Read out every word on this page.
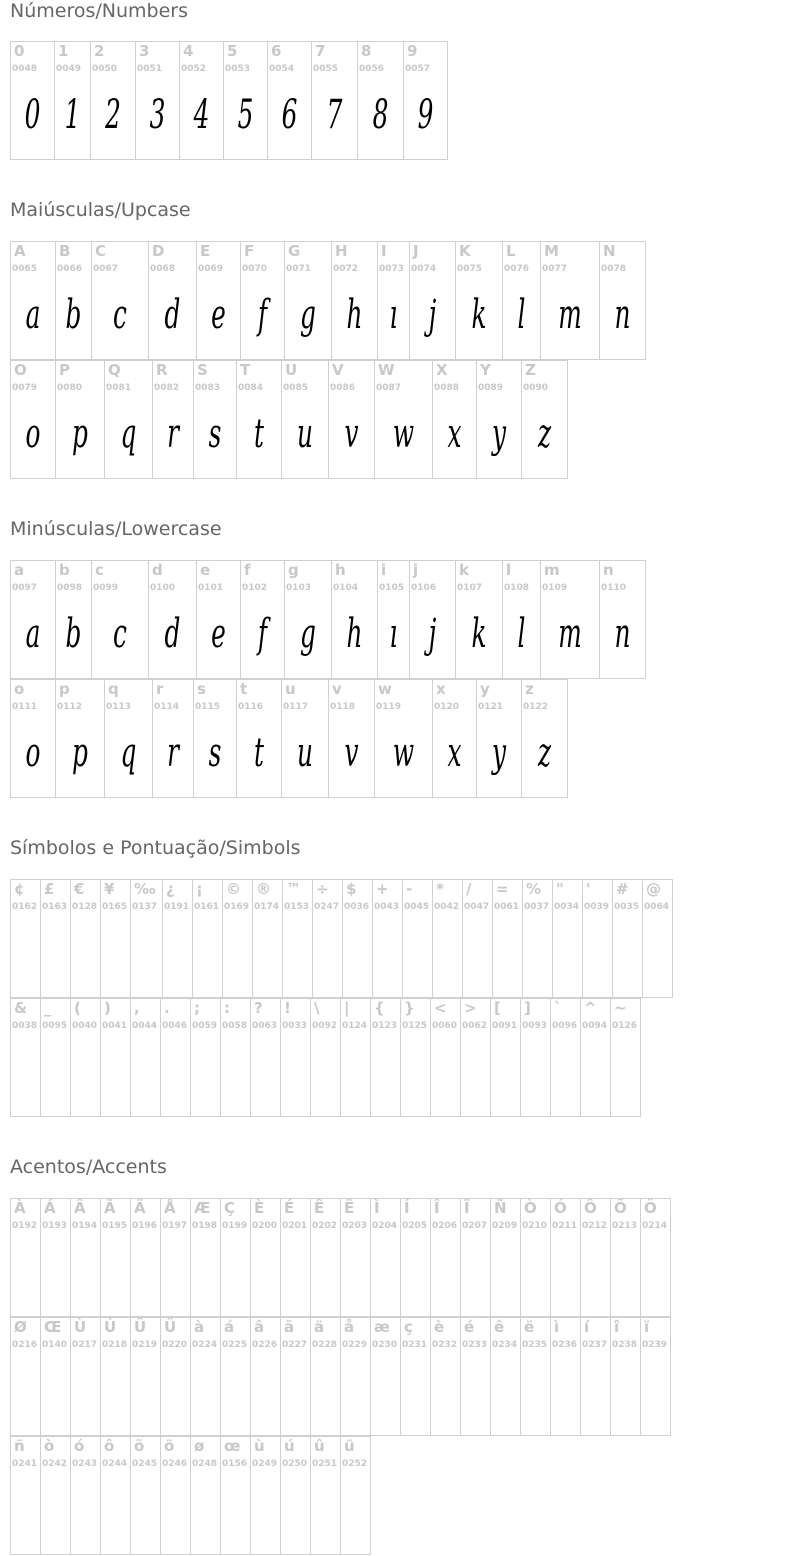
Números/Numbers
0
0048
0
1
0049
1
2
0050
2
3
0051
3
4
0052
4
5
0053
5
6
0054
6
7
0055
7
8
0056
8
9
0057
9
Maiúsculas/Upcase
A
0065
a
B
0066
b
C
0067
c
D
0068
d
E
0069
e
F
0070
f
G
0071
g
H
0072
h
I
0073
ı
J
0074
j
K
0075
k
L
0076
l
M
0077
m
N
0078
n
O
0079
o
P
0080
p
Q
0081
q
R
0082
r
S
0083
s
T
0084
t
U
0085
u
V
0086
v
W
0087
w
X
0088
x
Y
0089
y
Z
0090
z
Minúsculas/Lowercase
a
0097
a
b
0098
b
c
0099
c
d
0100
d
e
0101
e
f
0102
f
g
0103
g
h
0104
h
i
0105
ı
j
0106
j
k
0107
k
l
0108
l
m
0109
m
n
0110
n
o
0111
o
p
0112
p
q
0113
q
r
0114
r
s
0115
s
t
0116
t
u
0117
u
v
0118
v
w
0119
w
x
0120
x
y
0121
y
z
0122
z
Símbolos e Pontuação/Simbols
¢
0162
£
0163
€
0128
¥
0165
‰
0137
¿
0191
¡
0161
©
0169
®
0174
™
0153
÷
0247
$
0036
+
0043
-
0045
*
0042
/
0047
=
0061
%
0037
"
0034
'
0039
#
0035
@
0064
&
0038
_
0095
(
0040
)
0041
,
0044
.
0046
;
0059
:
0058
?
0063
!
0033
\
0092
|
0124
{
0123
}
0125
<
0060
>
0062
[
0091
]
0093
`
0096
^
0094
~
0126
Acentos/Accents
À
0192
Á
0193
Â
0194
Ã
0195
Ä
0196
Å
0197
Æ
0198
Ç
0199
È
0200
É
0201
Ê
0202
Ë
0203
Ì
0204
Í
0205
Î
0206
Ï
0207
Ñ
0209
Ò
0210
Ó
0211
Ô
0212
Õ
0213
Ö
0214
Ø
0216
Œ
0140
Ù
0217
Ú
0218
Û
0219
Ü
0220
à
0224
á
0225
â
0226
ã
0227
ä
0228
å
0229
æ
0230
ç
0231
è
0232
é
0233
ê
0234
ë
0235
ì
0236
í
0237
î
0238
ï
0239
ñ
0241
ò
0242
ó
0243
ô
0244
õ
0245
ö
0246
ø
0248
œ
0156
ù
0249
ú
0250
û
0251
ü
0252
